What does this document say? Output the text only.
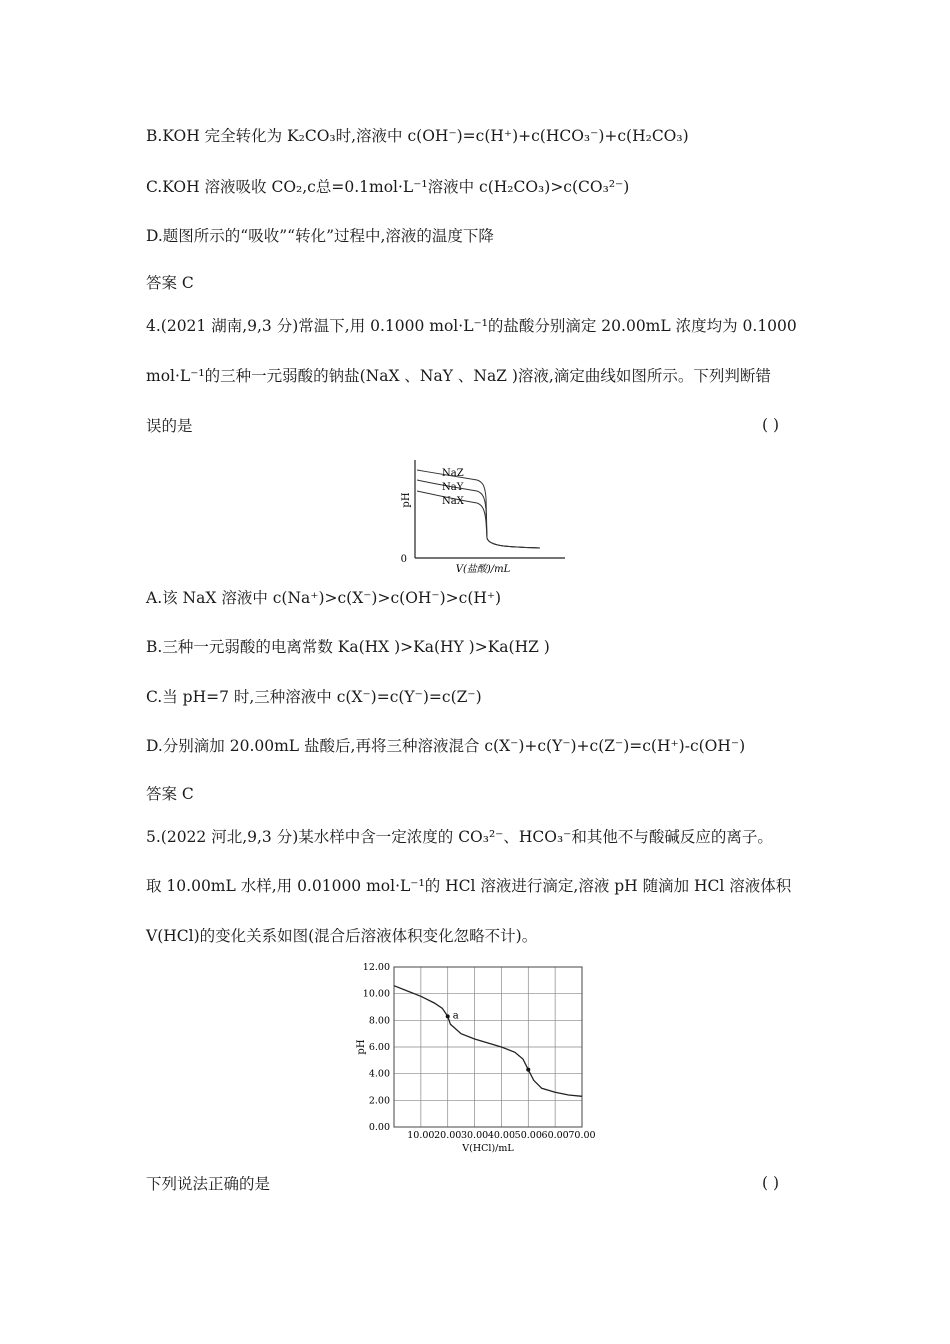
B.KOH 完全转化为 K₂CO₃时,溶液中 c(OH⁻)=c(H⁺)+c(HCO₃⁻)+c(H₂CO₃)
C.KOH 溶液吸收 CO₂,c总=0.1mol·L⁻¹溶液中 c(H₂CO₃)>c(CO₃²⁻)
D.题图所示的“吸收”“转化”过程中,溶液的温度下降
答案 C
4.(2021 湖南,9,3 分)常温下,用 0.1000 mol·L⁻¹的盐酸分别滴定 20.00mL 浓度均为 0.1000
mol·L⁻¹的三种一元弱酸的钠盐(NaX 、NaY 、NaZ )溶液,滴定曲线如图所示。下列判断错
误的是	( )
pH
0
V(盐酸)/mL
NaZ
NaY
NaX
A.该 NaX 溶液中 c(Na⁺)>c(X⁻)>c(OH⁻)>c(H⁺)
B.三种一元弱酸的电离常数 Ka(HX )>Ka(HY )>Ka(HZ )
C.当 pH=7 时,三种溶液中 c(X⁻)=c(Y⁻)=c(Z⁻)
D.分别滴加 20.00mL 盐酸后,再将三种溶液混合 c(X⁻)+c(Y⁻)+c(Z⁻)=c(H⁺)-c(OH⁻)
答案 C
5.(2022 河北,9,3 分)某水样中含一定浓度的 CO₃²⁻、HCO₃⁻和其他不与酸碱反应的离子。
取 10.00mL 水样,用 0.01000 mol·L⁻¹的 HCl 溶液进行滴定,溶液 pH 随滴加 HCl 溶液体积
V(HCl)的变化关系如图(混合后溶液体积变化忽略不计)。
0.00
2.00
4.00
6.00
8.00
10.00
12.00
10.00 20.00 30.00 40.00 50.00 60.00 70.00
pH
V(HCl)/mL
a
下列说法正确的是	( )
